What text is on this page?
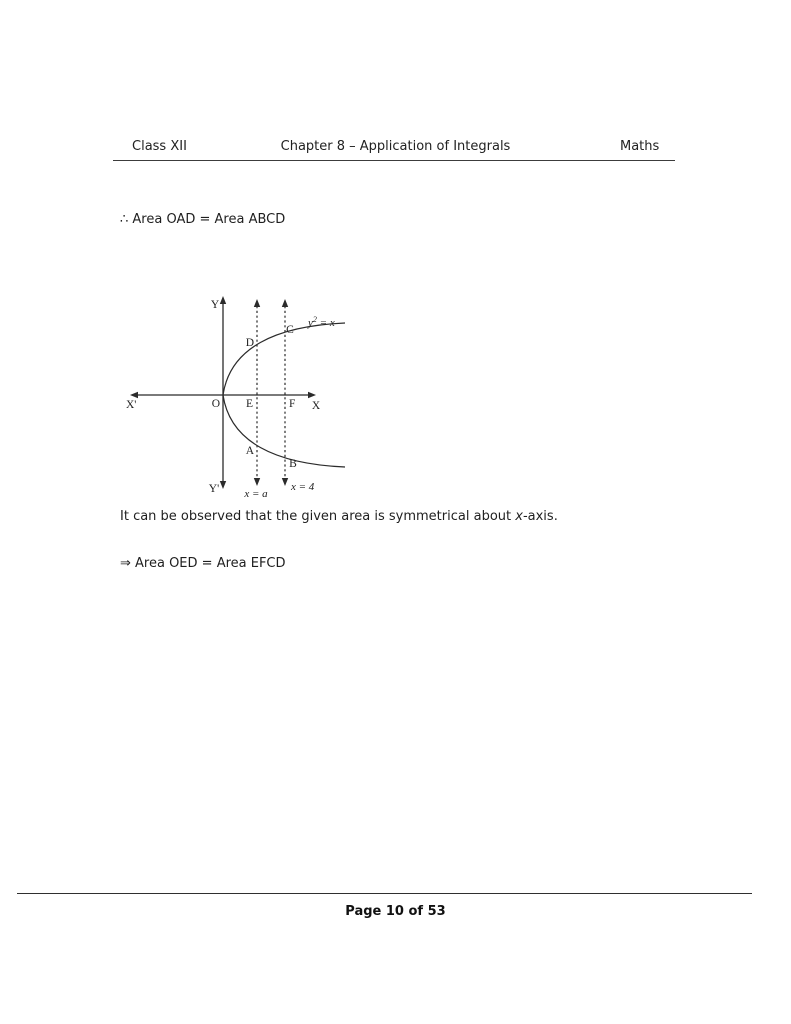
Class XII	Chapter 8 – Application of Integrals	Maths
∴ Area OAD = Area ABCD
Y
Y'
X'	X
O
D
C
E	F
A
B
$y^2 = x$
x = a
x = 4
It can be observed that the given area is symmetrical about x-axis.
⇒ Area OED = Area EFCD
Page 10 of 53
